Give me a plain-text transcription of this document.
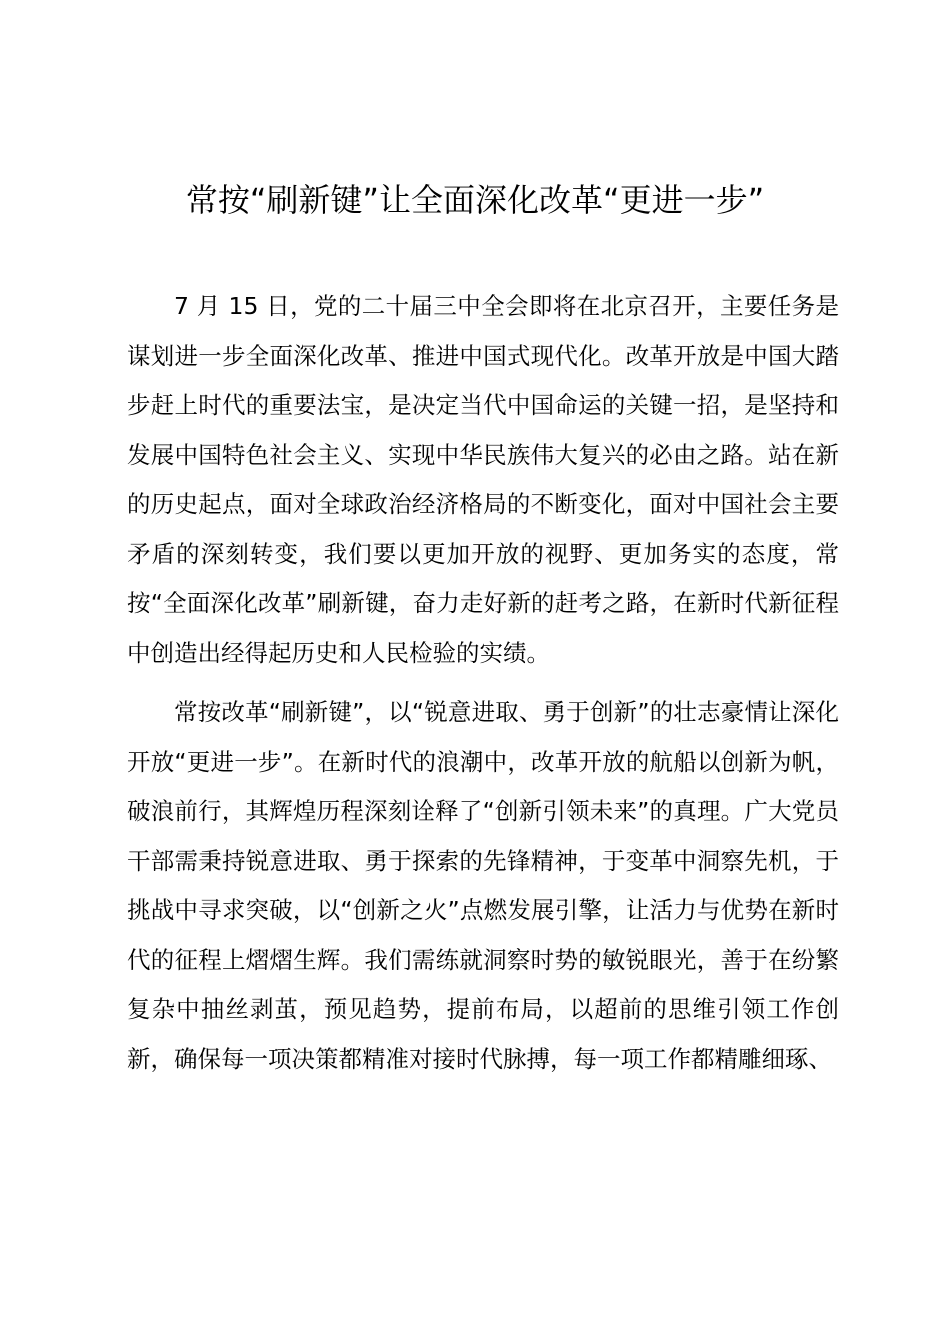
常按“刷新键”让全面深化改革“更进一步”

7 月 15 日，党的二十届三中全会即将在北京召开，主要任务是谋划进一步全面深化改革、推进中国式现代化。改革开放是中国大踏步赶上时代的重要法宝，是决定当代中国命运的关键一招，是坚持和发展中国特色社会主义、实现中华民族伟大复兴的必由之路。站在新的历史起点，面对全球政治经济格局的不断变化，面对中国社会主要矛盾的深刻转变，我们要以更加开放的视野、更加务实的态度，常按“全面深化改革”刷新键，奋力走好新的赶考之路，在新时代新征程中创造出经得起历史和人民检验的实绩。

常按改革“刷新键”，以“锐意进取、勇于创新”的壮志豪情让深化开放“更进一步”。在新时代的浪潮中，改革开放的航船以创新为帆，破浪前行，其辉煌历程深刻诠释了“创新引领未来”的真理。广大党员干部需秉持锐意进取、勇于探索的先锋精神，于变革中洞察先机，于挑战中寻求突破，以“创新之火”点燃发展引擎，让活力与优势在新时代的征程上熠熠生辉。我们需练就洞察时势的敏锐眼光，善于在纷繁复杂中抽丝剥茧，预见趋势，提前布局，以超前的思维引领工作创新，确保每一项决策都精准对接时代脉搏，每一项工作都精雕细琢、
